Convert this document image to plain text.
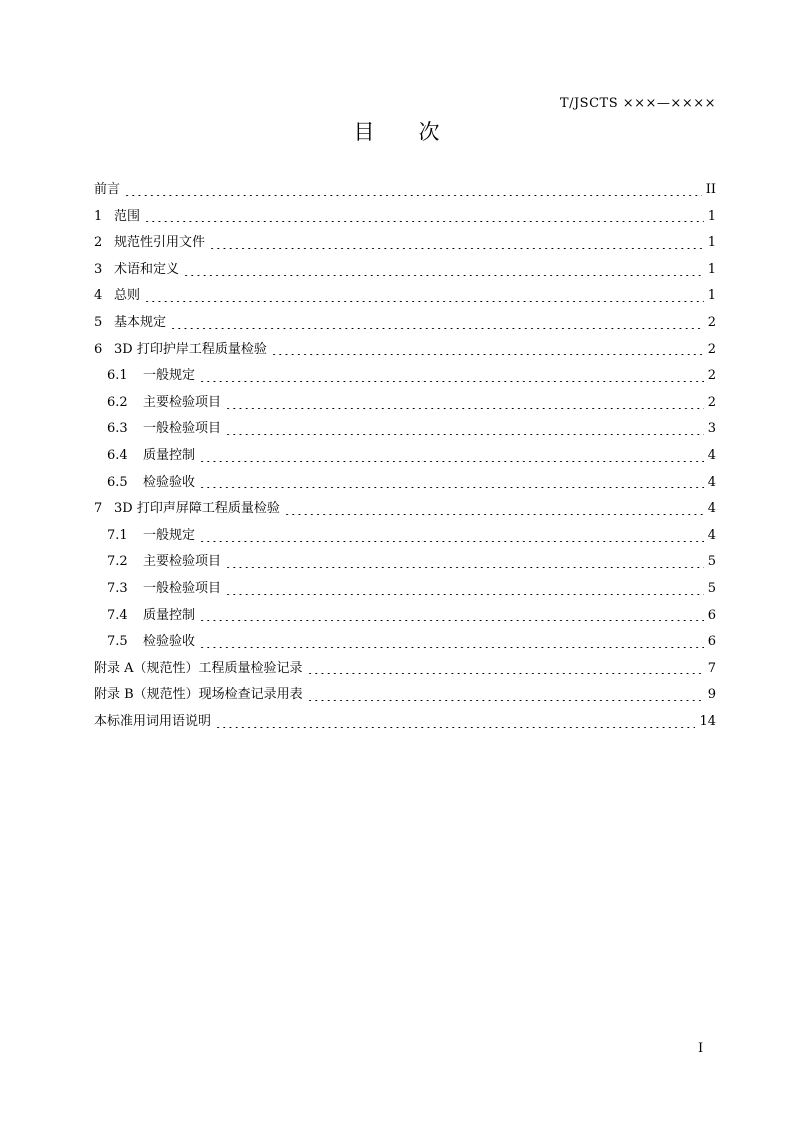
T/JSCTS ×××—××××
目次
前言	II
1 范围	1
2 规范性引用文件	1
3 术语和定义	1
4 总则	1
5 基本规定	2
6 3D 打印护岸工程质量检验	2
6.1	一般规定	2
6.2	主要检验项目	2
6.3	一般检验项目	3
6.4	质量控制	4
6.5	检验验收	4
7 3D 打印声屏障工程质量检验	4
7.1	一般规定	4
7.2	主要检验项目	5
7.3	一般检验项目	5
7.4	质量控制	6
7.5	检验验收	6
附录 A（规范性）工程质量检验记录	7
附录 B（规范性）现场检查记录用表	9
本标准用词用语说明	14
I
